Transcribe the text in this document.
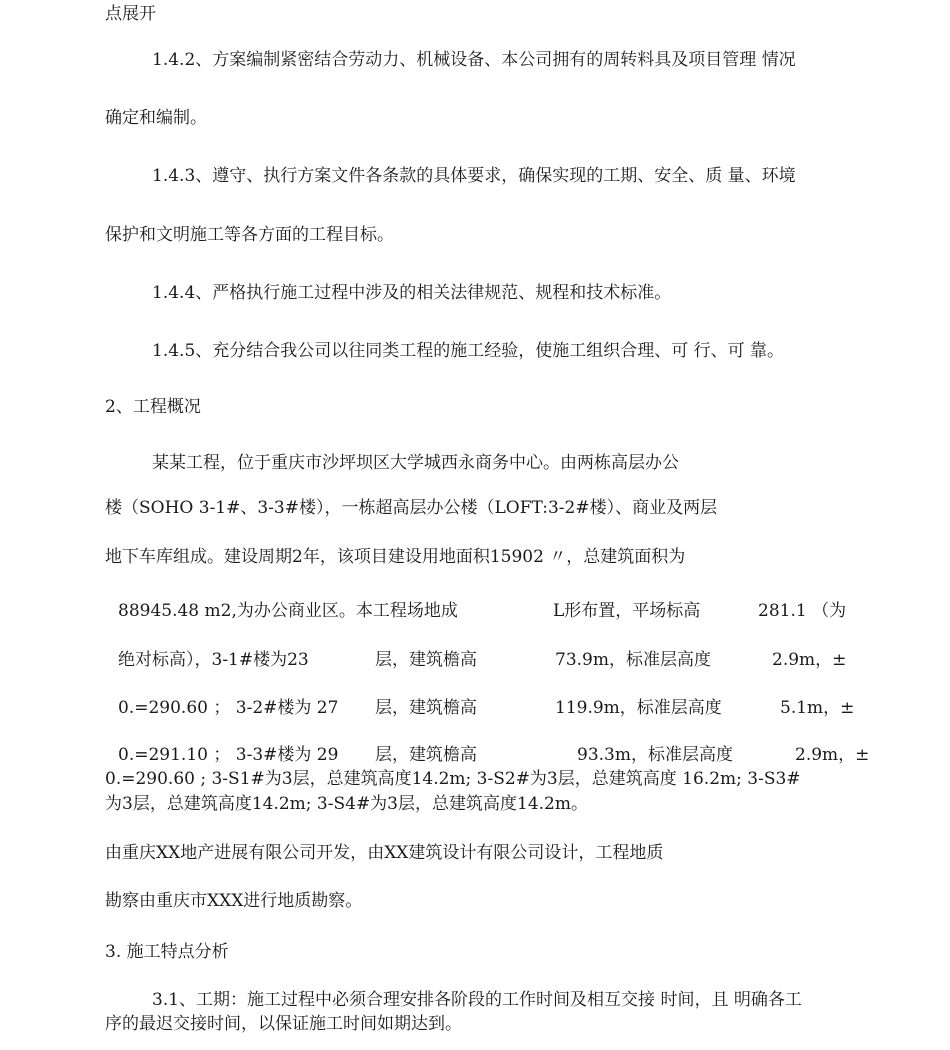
点展开
1.4.2、方案编制紧密结合劳动力、机械设备、本公司拥有的周转料具及项目管理 情况
确定和编制。
1.4.3、遵守、执行方案文件各条款的具体要求，确保实现的工期、安全、质 量、环境
保护和文明施工等各方面的工程目标。
1.4.4、严格执行施工过程中涉及的相关法律规范、规程和技术标准。
1.4.5、充分结合我公司以往同类工程的施工经验，使施工组织合理、可 行、可 靠。
2、工程概况
某某工程，位于重庆市沙坪坝区大学城西永商务中心。由两栋高层办公
楼（SOHO 3-1#、3-3#楼），一栋超高层办公楼（LOFT:3-2#楼）、商业及两层
地下车库组成。建设周期2年，该项目建设用地面积15902 〃，总建筑面积为
88945.48 m2,为办公商业区。本工程场地成	L形布置，平场标高	281.1 （为
绝对标高），3-1#楼为23	层，建筑檐高	73.9m，标准层高度	2.9m，±
0.=290.60 ； 3-2#楼为 27 层，建筑檐高	119.9m，标准层高度	5.1m，±
0.=291.10 ； 3-3#楼为 29 层，建筑檐高	93.3m，标准层高度	2.9m，±
0.=290.60 ; 3-S1#为3层，总建筑高度14.2m; 3-S2#为3层，总建筑高度 16.2m; 3-S3#
为3层，总建筑高度14.2m; 3-S4#为3层，总建筑高度14.2m。
由重庆XX地产进展有限公司开发，由XX建筑设计有限公司设计，工程地质
勘察由重庆市XXX进行地质勘察。
3. 施工特点分析
3.1、工期：施工过程中必须合理安排各阶段的工作时间及相互交接 时间，且 明确各工
序的最迟交接时间，以保证施工时间如期达到。
